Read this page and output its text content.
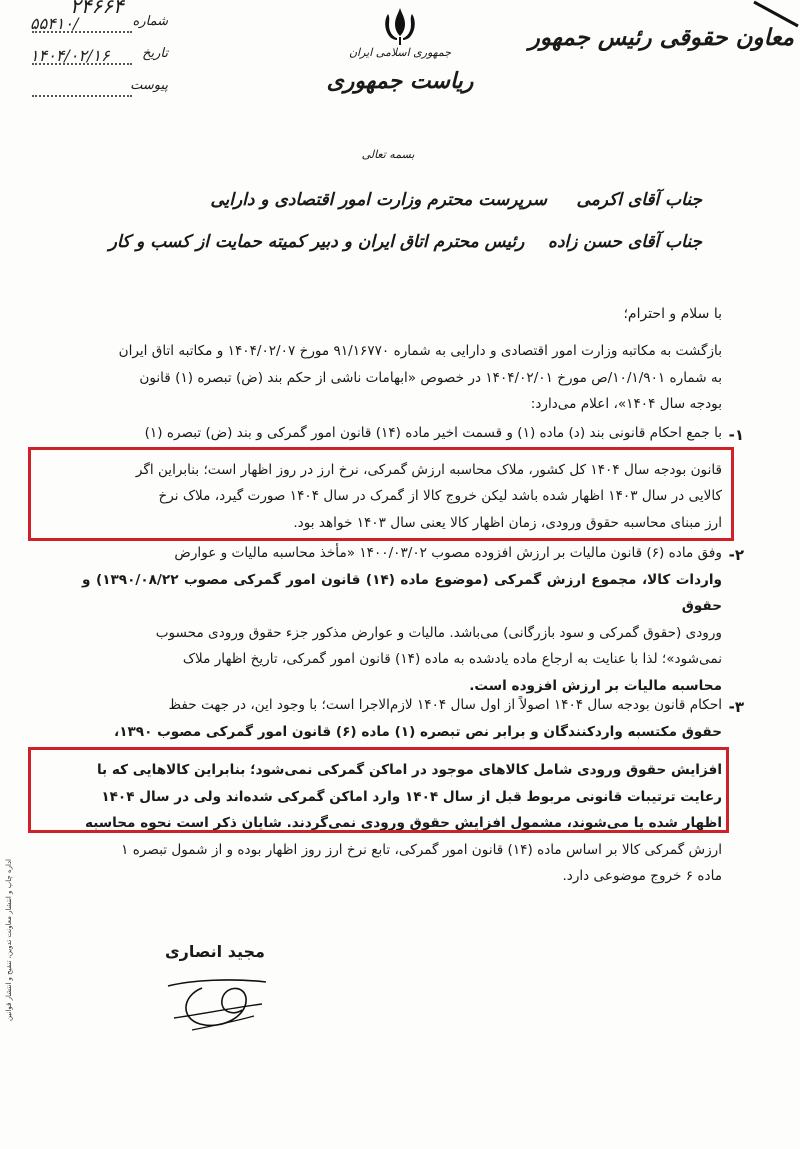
۲۴۶۶۴
۵۵۴۱۰/	شماره
۱۴۰۴/۰۲/۱۶	تاریخ
پیوست
جمهوری اسلامی ایران
ریاست جمهوری
معاون حقوقی رئیس جمهور
بسمه تعالی
جناب آقای اکرمی     سرپرست محترم وزارت امور اقتصادی و دارایی
جناب آقای حسن زاده    رئیس محترم اتاق ایران و دبیر کمیته حمایت از کسب و کار
با سلام و احترام؛

بازگشت به مکاتبه وزارت امور اقتصادی و دارایی به شماره ۹۱/۱۶۷۷۰ مورخ ۱۴۰۴/۰۲/۰۷ و مکاتبه اتاق ایران

به شماره ۱۰/۱/۹۰۱/ص مورخ ۱۴۰۴/۰۲/۰۱ در خصوص «ابهامات ناشی از حکم بند (ض) تبصره (۱) قانون

بودجه سال ۱۴۰۴»، اعلام می‌دارد:

۱-

با جمع احکام قانونی بند (د) ماده (۱) و قسمت اخیر ماده (۱۴) قانون امور گمرکی و بند (ض) تبصره (۱)

قانون بودجه سال ۱۴۰۴ کل کشور، ملاک محاسبه ارزش گمرکی، نرخ ارز در روز اظهار است؛ بنابراین اگر

کالایی در سال ۱۴۰۳ اظهار شده باشد لیکن خروج کالا از گمرک در سال ۱۴۰۴ صورت گیرد، ملاک نرخ

ارز مبنای محاسبه حقوق ورودی، زمان اظهار کالا یعنی سال ۱۴۰۳ خواهد بود.

۲-

وفق ماده (۶) قانون مالیات بر ارزش افزوده مصوب ۱۴۰۰/۰۳/۰۲ «مأخذ محاسبه مالیات و عوارض

واردات کالا، مجموع ارزش گمرکی (موضوع ماده (۱۴) قانون امور گمرکی مصوب ۱۳۹۰/۰۸/۲۲) و حقوق

ورودی (حقوق گمرکی و سود بازرگانی) می‌باشد. مالیات و عوارض مذکور جزء حقوق ورودی محسوب

نمی‌شود»؛ لذا با عنایت به ارجاع ماده یادشده به ماده (۱۴) قانون امور گمرکی، تاریخ اظهار ملاک

محاسبه مالیات بر ارزش افزوده است.

۳-

احکام قانون بودجه سال ۱۴۰۴ اصولاً از اول سال ۱۴۰۴ لازم‌الاجرا است؛ با وجود این، در جهت حفظ

حقوق مکتسبه واردکنندگان و برابر نص تبصره (۱) ماده (۶) قانون امور گمرکی مصوب ۱۳۹۰،

افزایش حقوق ورودی شامل کالاهای موجود در اماکن گمرکی نمی‌شود؛ بنابراین کالاهایی که با

رعایت ترتیبات قانونی مربوط قبل از سال ۱۴۰۴ وارد اماکن گمرکی شده‌اند ولی در سال ۱۴۰۴

اظهار شده یا می‌شوند، مشمول افزایش حقوق ورودی نمی‌گردند. شایان ذکر است نحوه محاسبه

ارزش گمرکی کالا بر اساس ماده (۱۴) قانون امور گمرکی، تابع نرخ ارز روز اظهار بوده و از شمول تبصره ۱

ماده ۶ خروج موضوعی دارد.

مجید انصاری
اداره چاپ و انتشار معاونت تدوین، تنقیح و انتشار قوانین
